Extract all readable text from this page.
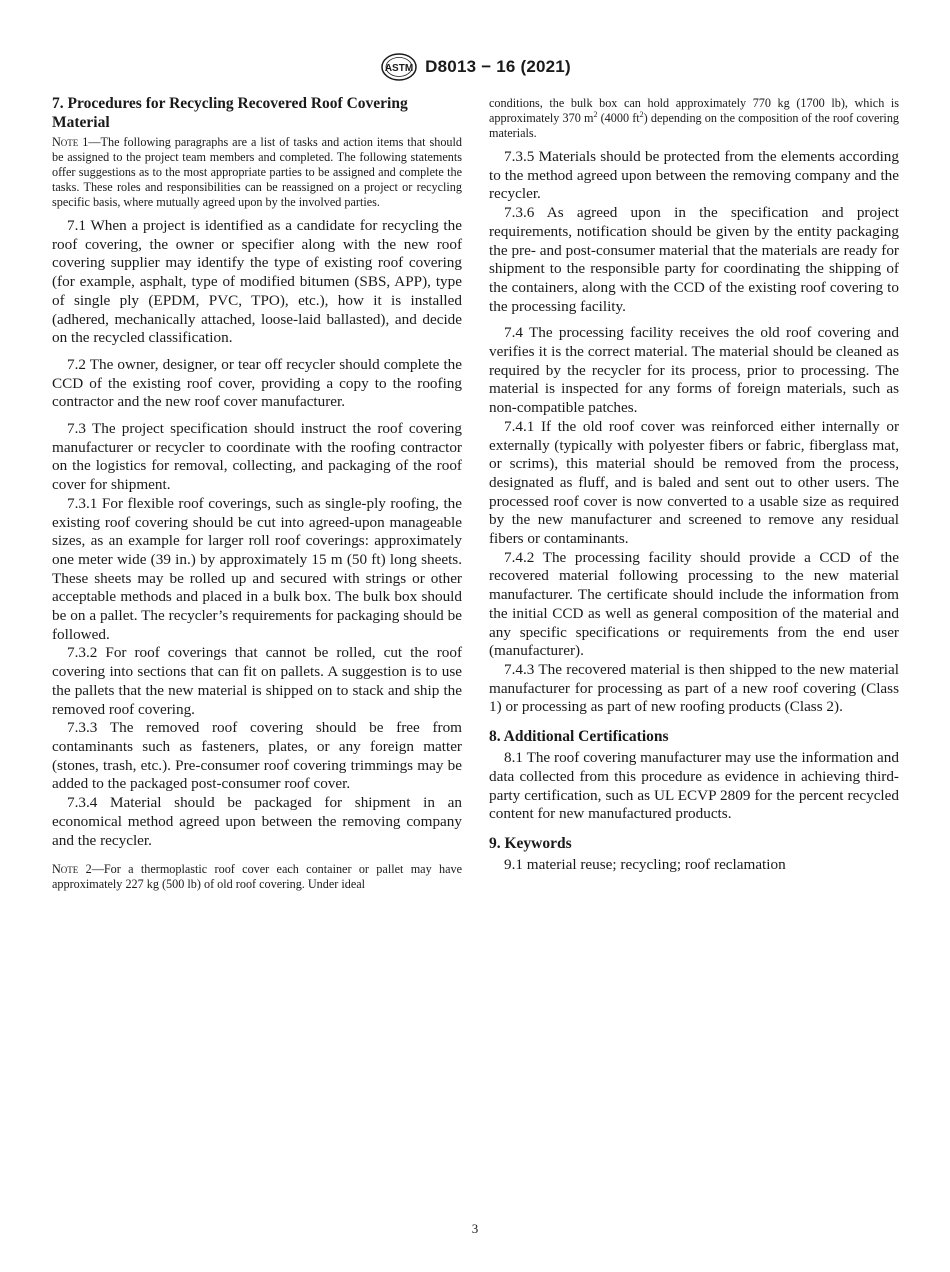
ASTM D8013 − 16 (2021)
7. Procedures for Recycling Recovered Roof Covering Material

Note 1—The following paragraphs are a list of tasks and action items that should be assigned to the project team members and completed. The following statements offer suggestions as to the most appropriate parties to be assigned and complete the tasks. These roles and responsibilities can be reassigned on a project or recycling specific basis, where mutually agreed upon by the involved parties.

7.1 When a project is identified as a candidate for recycling the roof covering, the owner or specifier along with the new roof covering supplier may identify the type of existing roof covering (for example, asphalt, type of modified bitumen (SBS, APP), type of single ply (EPDM, PVC, TPO), etc.), how it is installed (adhered, mechanically attached, loose-laid ballasted), and decide on the recycled classification.

7.2 The owner, designer, or tear off recycler should complete the CCD of the existing roof cover, providing a copy to the roofing contractor and the new roof cover manufacturer.

7.3 The project specification should instruct the roof covering manufacturer or recycler to coordinate with the roofing contractor on the logistics for removal, collecting, and packaging of the roof cover for shipment.

7.3.1 For flexible roof coverings, such as single-ply roofing, the existing roof covering should be cut into agreed-upon manageable sizes, as an example for larger roll roof coverings: approximately one meter wide (39 in.) by approximately 15 m (50 ft) long sheets. These sheets may be rolled up and secured with strings or other acceptable methods and placed in a bulk box. The bulk box should be on a pallet. The recycler’s requirements for packaging should be followed.

7.3.2 For roof coverings that cannot be rolled, cut the roof covering into sections that can fit on pallets. A suggestion is to use the pallets that the new material is shipped on to stack and ship the removed roof covering.

7.3.3 The removed roof covering should be free from contaminants such as fasteners, plates, or any foreign matter (stones, trash, etc.). Pre-consumer roof covering trimmings may be added to the packaged post-consumer roof cover.

7.3.4 Material should be packaged for shipment in an economical method agreed upon between the removing company and the recycler.

Note 2—For a thermoplastic roof cover each container or pallet may have approximately 227 kg (500 lb) of old roof covering. Under ideal

conditions, the bulk box can hold approximately 770 kg (1700 lb), which is approximately 370 $m^2$ (4000 $ft^2$) depending on the composition of the roof covering materials.

7.3.5 Materials should be protected from the elements according to the method agreed upon between the removing company and the recycler.

7.3.6 As agreed upon in the specification and project requirements, notification should be given by the entity packaging the pre- and post-consumer material that the materials are ready for shipment to the responsible party for coordinating the shipping of the containers, along with the CCD of the existing roof covering to the processing facility.

7.4 The processing facility receives the old roof covering and verifies it is the correct material. The material should be cleaned as required by the recycler for its process, prior to processing. The material is inspected for any forms of foreign materials, such as non-compatible patches.

7.4.1 If the old roof cover was reinforced either internally or externally (typically with polyester fibers or fabric, fiberglass mat, or scrims), this material should be removed from the process, designated as fluff, and is baled and sent out to other users. The processed roof cover is now converted to a usable size as required by the new manufacturer and screened to remove any residual fibers or contaminants.

7.4.2 The processing facility should provide a CCD of the recovered material following processing to the new material manufacturer. The certificate should include the information from the initial CCD as well as general composition of the material and any specific specifications or requirements from the end user (manufacturer).

7.4.3 The recovered material is then shipped to the new material manufacturer for processing as part of a new roof covering (Class 1) or processing as part of new roofing products (Class 2).

8. Additional Certifications

8.1 The roof covering manufacturer may use the information and data collected from this procedure as evidence in achieving third-party certification, such as UL ECVP 2809 for the percent recycled content for new manufactured products.

9. Keywords

9.1 material reuse; recycling; roof reclamation

3
